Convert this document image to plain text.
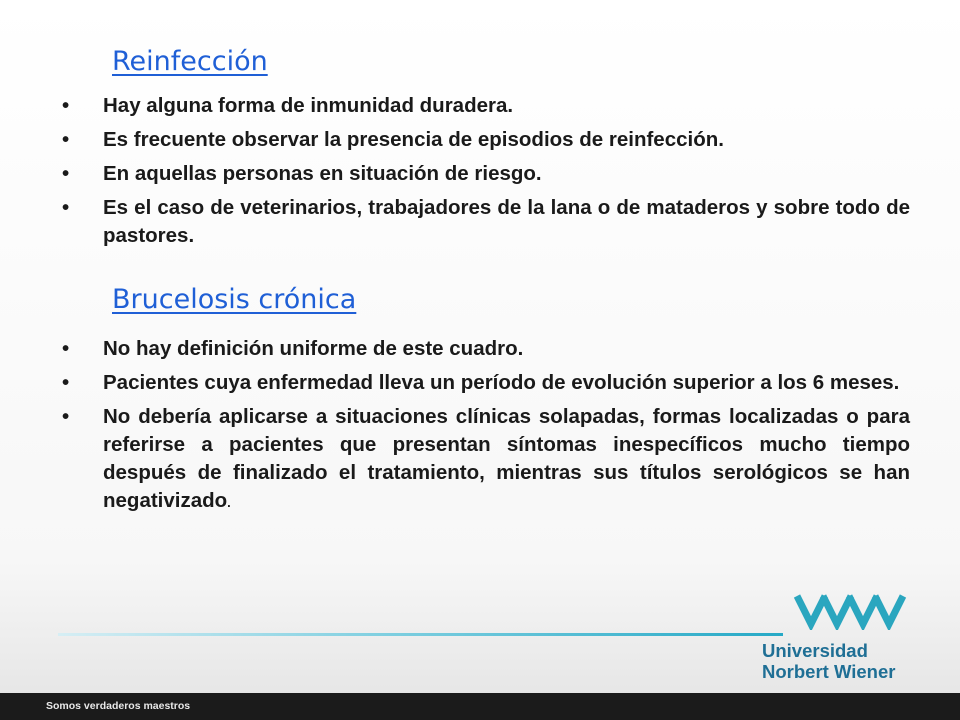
Reinfección
• Hay alguna forma de inmunidad duradera.
• Es frecuente observar la presencia de episodios de reinfección.
• En aquellas personas en situación de riesgo.
• Es el caso de veterinarios, trabajadores de la lana o de mataderos y sobre todo de pastores.
Brucelosis crónica
• No hay definición uniforme de este cuadro.
• Pacientes cuya enfermedad lleva un período de evolución superior a los 6 meses.
• No debería aplicarse a situaciones clínicas solapadas, formas localizadas o para referirse a pacientes que presentan síntomas inespecíficos mucho tiempo después de finalizado el tratamiento, mientras sus títulos serológicos se han negativizado.
Universidad
Norbert Wiener
Somos verdaderos maestros
